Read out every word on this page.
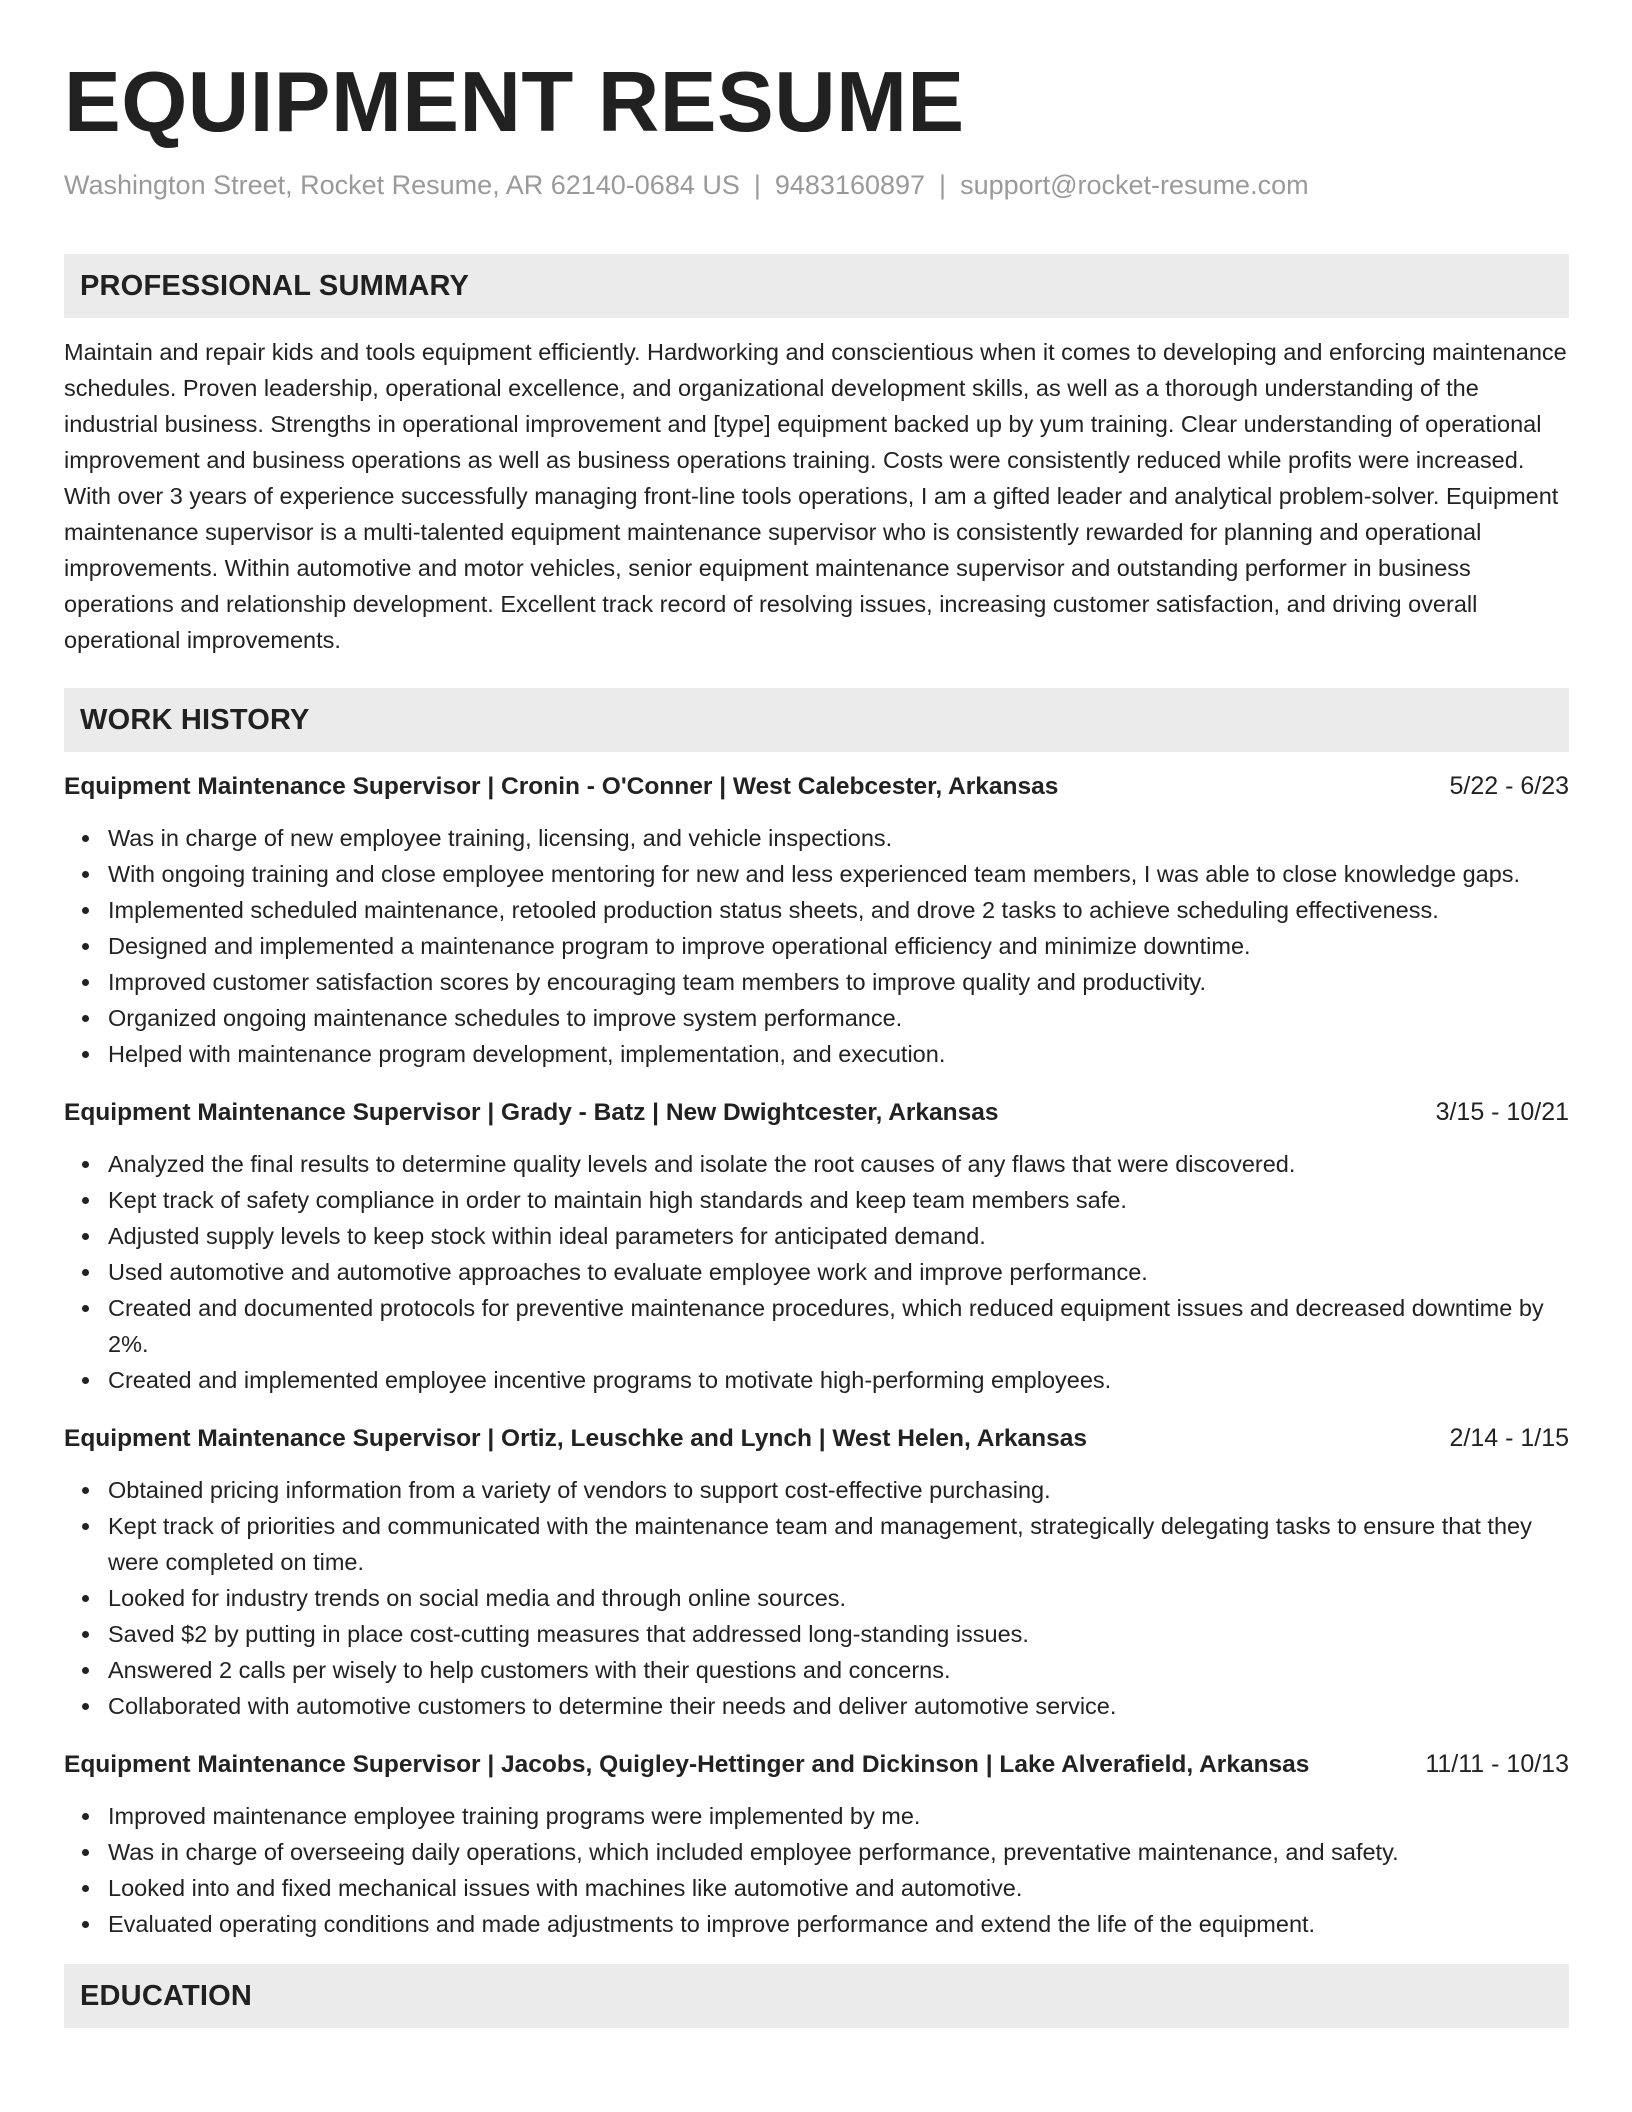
EQUIPMENT RESUME
Washington Street, Rocket Resume, AR 62140-0684 US | 9483160897 | support@rocket-resume.com
PROFESSIONAL SUMMARY
Maintain and repair kids and tools equipment efficiently. Hardworking and conscientious when it comes to developing and enforcing maintenance schedules. Proven leadership, operational excellence, and organizational development skills, as well as a thorough understanding of the industrial business. Strengths in operational improvement and [type] equipment backed up by yum training. Clear understanding of operational improvement and business operations as well as business operations training. Costs were consistently reduced while profits were increased. With over 3 years of experience successfully managing front-line tools operations, I am a gifted leader and analytical problem-solver. Equipment maintenance supervisor is a multi-talented equipment maintenance supervisor who is consistently rewarded for planning and operational improvements. Within automotive and motor vehicles, senior equipment maintenance supervisor and outstanding performer in business operations and relationship development. Excellent track record of resolving issues, increasing customer satisfaction, and driving overall operational improvements.
WORK HISTORY
Equipment Maintenance Supervisor | Cronin - O'Conner | West Calebcester, Arkansas	5/22 - 6/23
Was in charge of new employee training, licensing, and vehicle inspections.
With ongoing training and close employee mentoring for new and less experienced team members, I was able to close knowledge gaps.
Implemented scheduled maintenance, retooled production status sheets, and drove 2 tasks to achieve scheduling effectiveness.
Designed and implemented a maintenance program to improve operational efficiency and minimize downtime.
Improved customer satisfaction scores by encouraging team members to improve quality and productivity.
Organized ongoing maintenance schedules to improve system performance.
Helped with maintenance program development, implementation, and execution.
Equipment Maintenance Supervisor | Grady - Batz | New Dwightcester, Arkansas	3/15 - 10/21
Analyzed the final results to determine quality levels and isolate the root causes of any flaws that were discovered.
Kept track of safety compliance in order to maintain high standards and keep team members safe.
Adjusted supply levels to keep stock within ideal parameters for anticipated demand.
Used automotive and automotive approaches to evaluate employee work and improve performance.
Created and documented protocols for preventive maintenance procedures, which reduced equipment issues and decreased downtime by 2%.
Created and implemented employee incentive programs to motivate high-performing employees.
Equipment Maintenance Supervisor | Ortiz, Leuschke and Lynch | West Helen, Arkansas	2/14 - 1/15
Obtained pricing information from a variety of vendors to support cost-effective purchasing.
Kept track of priorities and communicated with the maintenance team and management, strategically delegating tasks to ensure that they were completed on time.
Looked for industry trends on social media and through online sources.
Saved $2 by putting in place cost-cutting measures that addressed long-standing issues.
Answered 2 calls per wisely to help customers with their questions and concerns.
Collaborated with automotive customers to determine their needs and deliver automotive service.
Equipment Maintenance Supervisor | Jacobs, Quigley-Hettinger and Dickinson | Lake Alverafield, Arkansas	11/11 - 10/13
Improved maintenance employee training programs were implemented by me.
Was in charge of overseeing daily operations, which included employee performance, preventative maintenance, and safety.
Looked into and fixed mechanical issues with machines like automotive and automotive.
Evaluated operating conditions and made adjustments to improve performance and extend the life of the equipment.
EDUCATION
